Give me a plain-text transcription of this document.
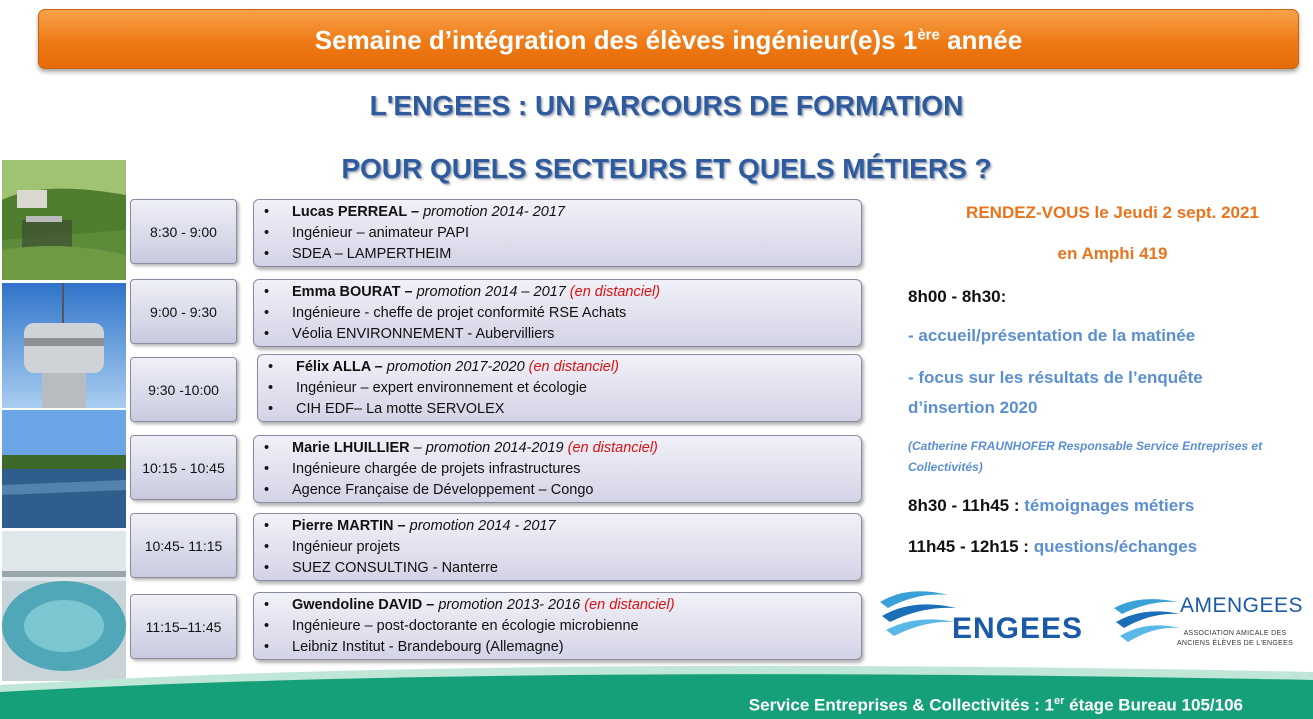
Semaine d’intégration des élèves ingénieur(e)s 1ère année
L'ENGEES : UN PARCOURS DE FORMATION
POUR QUELS SECTEURS ET QUELS MÉTIERS ?
8:30 - 9:00
9:00 - 9:30
9:30 -10:00
10:15 - 10:45
10:45- 11:15
11:15–11:45
• Lucas PERREAL – promotion 2014- 2017
• Ingénieur – animateur PAPI
• SDEA – LAMPERTHEIM
• Emma BOURAT – promotion 2014 – 2017 (en distanciel)
• Ingénieure - cheffe de projet conformité RSE Achats
• Véolia ENVIRONNEMENT - Aubervilliers
• Félix ALLA – promotion 2017-2020 (en distanciel)
• Ingénieur – expert environnement et écologie
• CIH EDF– La motte SERVOLEX
• Marie LHUILLIER – promotion 2014-2019 (en distanciel)
• Ingénieure chargée de projets infrastructures
• Agence Française de Développement – Congo
• Pierre MARTIN – promotion 2014 - 2017
• Ingénieur projets
• SUEZ CONSULTING - Nanterre
• Gwendoline DAVID – promotion 2013- 2016 (en distanciel)
• Ingénieure – post-doctorante en écologie microbienne
• Leibniz Institut - Brandebourg (Allemagne)
RENDEZ-VOUS le Jeudi 2 sept. 2021
en Amphi 419
8h00 - 8h30:
- accueil/présentation de la matinée
- focus sur les résultats de l’enquête
d’insertion 2020
(Catherine FRAUNHOFER Responsable Service Entreprises et Collectivités)
8h30 - 11h45 : témoignages métiers
11h45 - 12h15 : questions/échanges
ENGEES
AMENGEES
ASSOCIATION AMICALE DES ANCIENS ÉLÈVES DE L'ENGEES
Service Entreprises & Collectivités : 1er étage Bureau 105/106
